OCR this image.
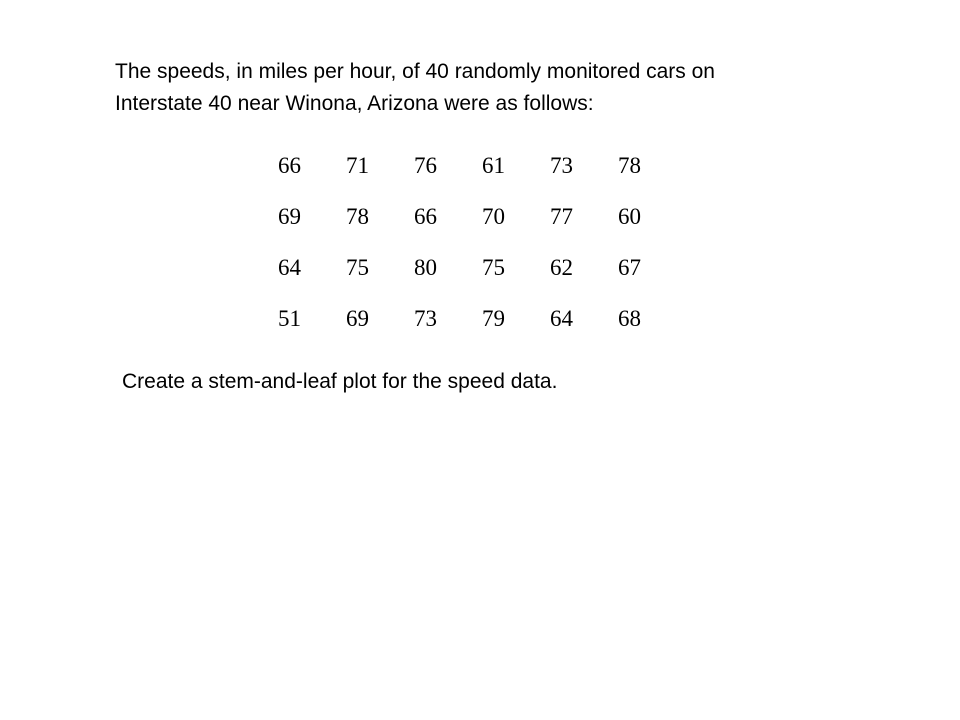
The speeds, in miles per hour, of 40 randomly monitored cars on
Interstate 40 near Winona, Arizona were as follows:
66	71	76	61	73	78
69	78	66	70	77	60
64	75	80	75	62	67
51	69	73	79	64	68
Create a stem-and-leaf plot for the speed data.
